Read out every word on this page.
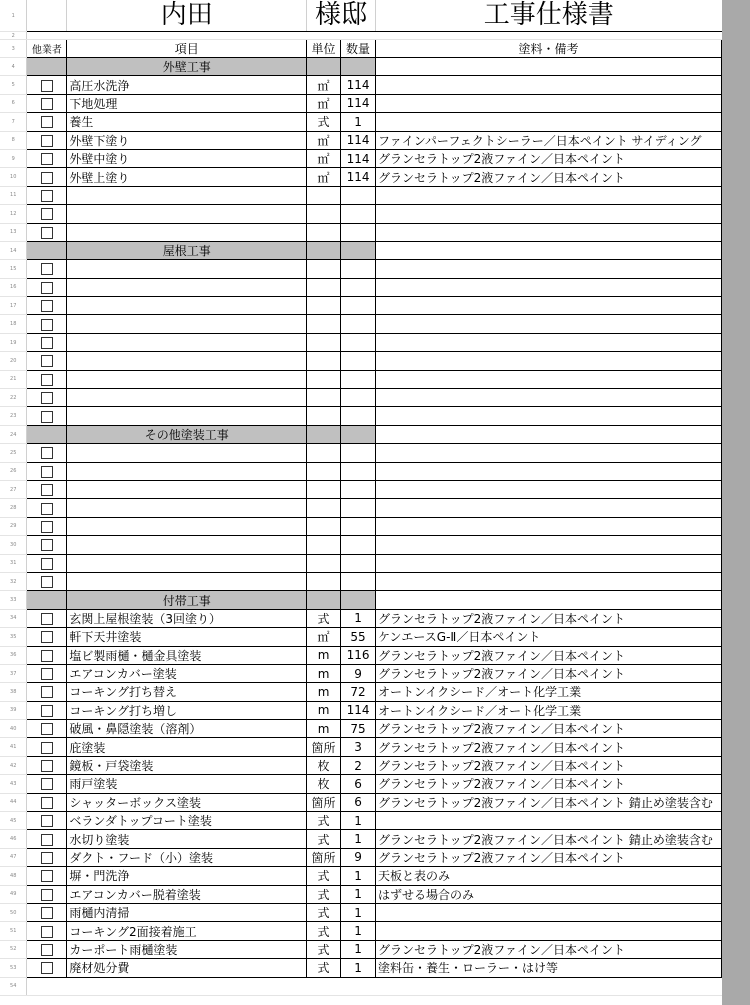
1		内田	様邸		工事仕様書
2					
3	他業者	項目	単位	数量	塗料・備考
4		外壁工事			
5		高圧水洗浄	㎡	114	
6		下地処理	㎡	114	
7		養生	式	1	
8		外壁下塗り	㎡	114	ファインパーフェクトシーラー／日本ペイント サイディング
9		外壁中塗り	㎡	114	グランセラトップ2液ファイン／日本ペイント
10		外壁上塗り	㎡	114	グランセラトップ2液ファイン／日本ペイント
11					
12					
13					
14		屋根工事			
15					
16					
17					
18					
19					
20					
21					
22					
23					
24		その他塗装工事			
25					
26					
27					
28					
29					
30					
31					
32					
33		付帯工事			
34		玄関上屋根塗装（3回塗り）	式	1	グランセラトップ2液ファイン／日本ペイント
35		軒下天井塗装	㎡	55	ケンエースG-Ⅱ／日本ペイント
36		塩ビ製雨樋・樋金具塗装	m	116	グランセラトップ2液ファイン／日本ペイント
37		エアコンカバー塗装	m	9	グランセラトップ2液ファイン／日本ペイント
38		コーキング打ち替え	m	72	オートンイクシード／オート化学工業
39		コーキング打ち増し	m	114	オートンイクシード／オート化学工業
40		破風・鼻隠塗装（溶剤）	m	75	グランセラトップ2液ファイン／日本ペイント
41		庇塗装	箇所	3	グランセラトップ2液ファイン／日本ペイント
42		鏡板・戸袋塗装	枚	2	グランセラトップ2液ファイン／日本ペイント
43		雨戸塗装	枚	6	グランセラトップ2液ファイン／日本ペイント
44		シャッターボックス塗装	箇所	6	グランセラトップ2液ファイン／日本ペイント 錆止め塗装含む
45		ベランダトップコート塗装	式	1	
46		水切り塗装	式	1	グランセラトップ2液ファイン／日本ペイント 錆止め塗装含む
47		ダクト・フード（小）塗装	箇所	9	グランセラトップ2液ファイン／日本ペイント
48		塀・門洗浄	式	1	天板と表のみ
49		エアコンカバー脱着塗装	式	1	はずせる場合のみ
50		雨樋内清掃	式	1	
51		コーキング2面接着施工	式	1	
52		カーポート雨樋塗装	式	1	グランセラトップ2液ファイン／日本ペイント
53		廃材処分費	式	1	塗料缶・養生・ローラー・はけ等
54					
